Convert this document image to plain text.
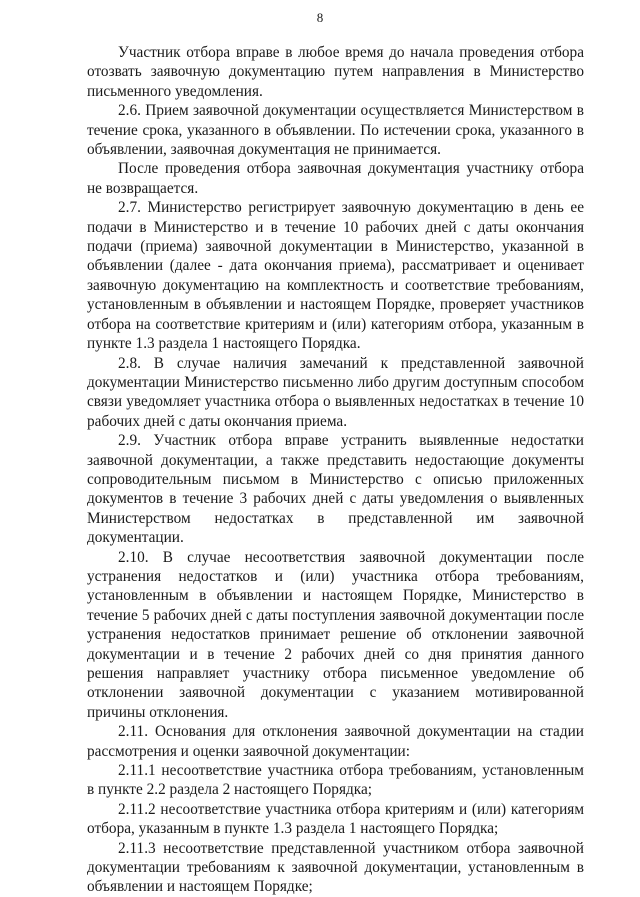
8

Участник отбора вправе в любое время до начала проведения отбора отозвать заявочную документацию путем направления в Министерство письменного уведомления.

2.6. Прием заявочной документации осуществляется Министерством в течение срока, указанного в объявлении. По истечении срока, указанного в объявлении, заявочная документация не принимается.

После проведения отбора заявочная документация участнику отбора не возвращается.

2.7. Министерство регистрирует заявочную документацию в день ее подачи в Министерство и в течение 10 рабочих дней с даты окончания подачи (приема) заявочной документации в Министерство, указанной в объявлении (далее - дата окончания приема), рассматривает и оценивает заявочную документацию на комплектность и соответствие требованиям, установленным в объявлении и настоящем Порядке, проверяет участников отбора на соответствие критериям и (или) категориям отбора, указанным в пункте 1.3 раздела 1 настоящего Порядка.

2.8. В случае наличия замечаний к представленной заявочной документации Министерство письменно либо другим доступным способом связи уведомляет участника отбора о выявленных недостатках в течение 10 рабочих дней с даты окончания приема.

2.9. Участник отбора вправе устранить выявленные недостатки заявочной документации, а также представить недостающие документы сопроводительным письмом в Министерство с описью приложенных документов в течение 3 рабочих дней с даты уведомления о выявленных Министерством недостатках в представленной им заявочной документации.

2.10. В случае несоответствия заявочной документации после устранения недостатков и (или) участника отбора требованиям, установленным в объявлении и настоящем Порядке, Министерство в течение 5 рабочих дней с даты поступления заявочной документации после устранения недостатков принимает решение об отклонении заявочной документации и в течение 2 рабочих дней со дня принятия данного решения направляет участнику отбора письменное уведомление об отклонении заявочной документации с указанием мотивированной причины отклонения.

2.11. Основания для отклонения заявочной документации на стадии рассмотрения и оценки заявочной документации:

2.11.1 несоответствие участника отбора требованиям, установленным в пункте 2.2 раздела 2 настоящего Порядка;

2.11.2 несоответствие участника отбора критериям и (или) категориям отбора, указанным в пункте 1.3 раздела 1 настоящего Порядка;

2.11.3 несоответствие представленной участником отбора заявочной документации требованиям к заявочной документации, установленным в объявлении и настоящем Порядке;
